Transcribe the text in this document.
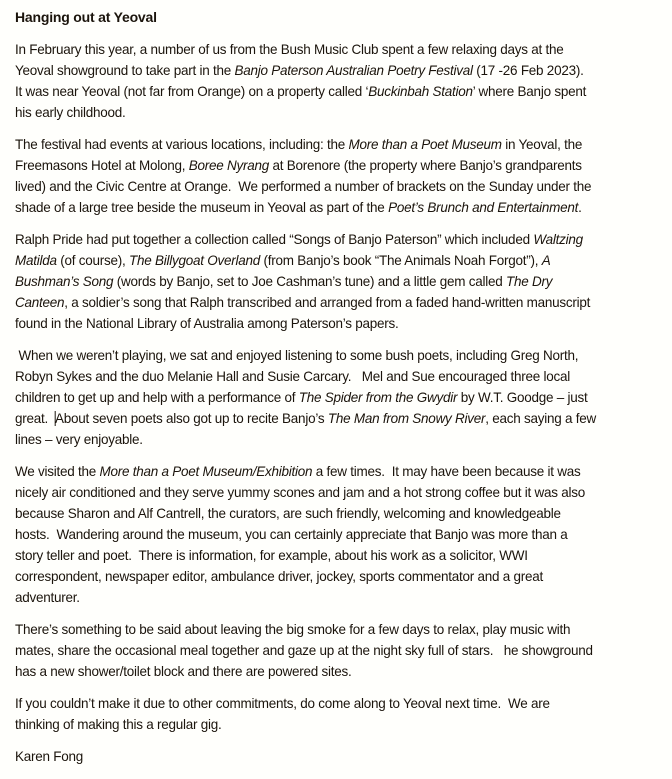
Hanging out at Yeoval
In February this year, a number of us from the Bush Music Club spent a few relaxing days at the
Yeoval showground to take part in the Banjo Paterson Australian Poetry Festival (17 -26 Feb 2023).
It was near Yeoval (not far from Orange) on a property called ‘Buckinbah Station’ where Banjo spent
his early childhood.
The festival had events at various locations, including: the More than a Poet Museum in Yeoval, the
Freemasons Hotel at Molong, Boree Nyrang at Borenore (the property where Banjo’s grandparents
lived) and the Civic Centre at Orange.  We performed a number of brackets on the Sunday under the
shade of a large tree beside the museum in Yeoval as part of the Poet’s Brunch and Entertainment.
Ralph Pride had put together a collection called “Songs of Banjo Paterson” which included Waltzing
Matilda (of course), The Billygoat Overland (from Banjo’s book “The Animals Noah Forgot”), A
Bushman’s Song (words by Banjo, set to Joe Cashman’s tune) and a little gem called The Dry
Canteen, a soldier’s song that Ralph transcribed and arranged from a faded hand-written manuscript
found in the National Library of Australia among Paterson’s papers.
When we weren’t playing, we sat and enjoyed listening to some bush poets, including Greg North,
Robyn Sykes and the duo Melanie Hall and Susie Carcary.   Mel and Sue encouraged three local
children to get up and help with a performance of The Spider from the Gwydir by W.T. Goodge – just
great.  About seven poets also got up to recite Banjo’s The Man from Snowy River, each saying a few
lines – very enjoyable.
We visited the More than a Poet Museum/Exhibition a few times.  It may have been because it was
nicely air conditioned and they serve yummy scones and jam and a hot strong coffee but it was also
because Sharon and Alf Cantrell, the curators, are such friendly, welcoming and knowledgeable
hosts.  Wandering around the museum, you can certainly appreciate that Banjo was more than a
story teller and poet.  There is information, for example, about his work as a solicitor, WWI
correspondent, newspaper editor, ambulance driver, jockey, sports commentator and a great
adventurer.
There’s something to be said about leaving the big smoke for a few days to relax, play music with
mates, share the occasional meal together and gaze up at the night sky full of stars.   he showground
has a new shower/toilet block and there are powered sites.
If you couldn’t make it due to other commitments, do come along to Yeoval next time.  We are
thinking of making this a regular gig.
Karen Fong
